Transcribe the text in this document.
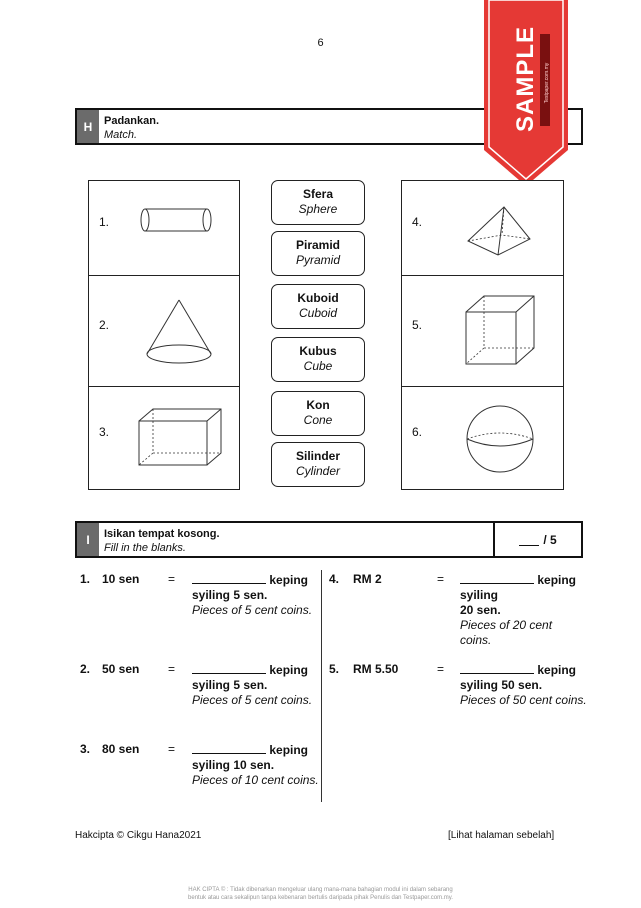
6
H	Padankan.
Match.
SAMPLE Testpaper.com.my
1.
2.
3.
Sfera
Sphere
Piramid
Pyramid
Kuboid
Cuboid
Kubus
Cube
Kon
Cone
Silinder
Cylinder
4.
5.
6.
I	Isikan tempat kosong.
Fill in the blanks.
/ 5
1. 10 sen =	keping
syiling 5 sen.
Pieces of 5 cent coins.
2. 50 sen =	keping
syiling 5 sen.
Pieces of 5 cent coins.
3. 80 sen =	keping
syiling 10 sen.
Pieces of 10 cent coins.
4. RM 2	=	keping
syiling
20 sen.
Pieces of 20 cent coins.
5. RM 5.50	=	keping
syiling 50 sen.
Pieces of 50 cent coins.
Hakcipta © Cikgu Hana2021	[Lihat halaman sebelah]
HAK CIPTA © : Tidak dibenarkan mengeluar ulang mana-mana bahagian modul ini dalam sebarang
bentuk atau cara sekalipun tanpa kebenaran bertulis daripada pihak Penulis dan Testpaper.com.my.
